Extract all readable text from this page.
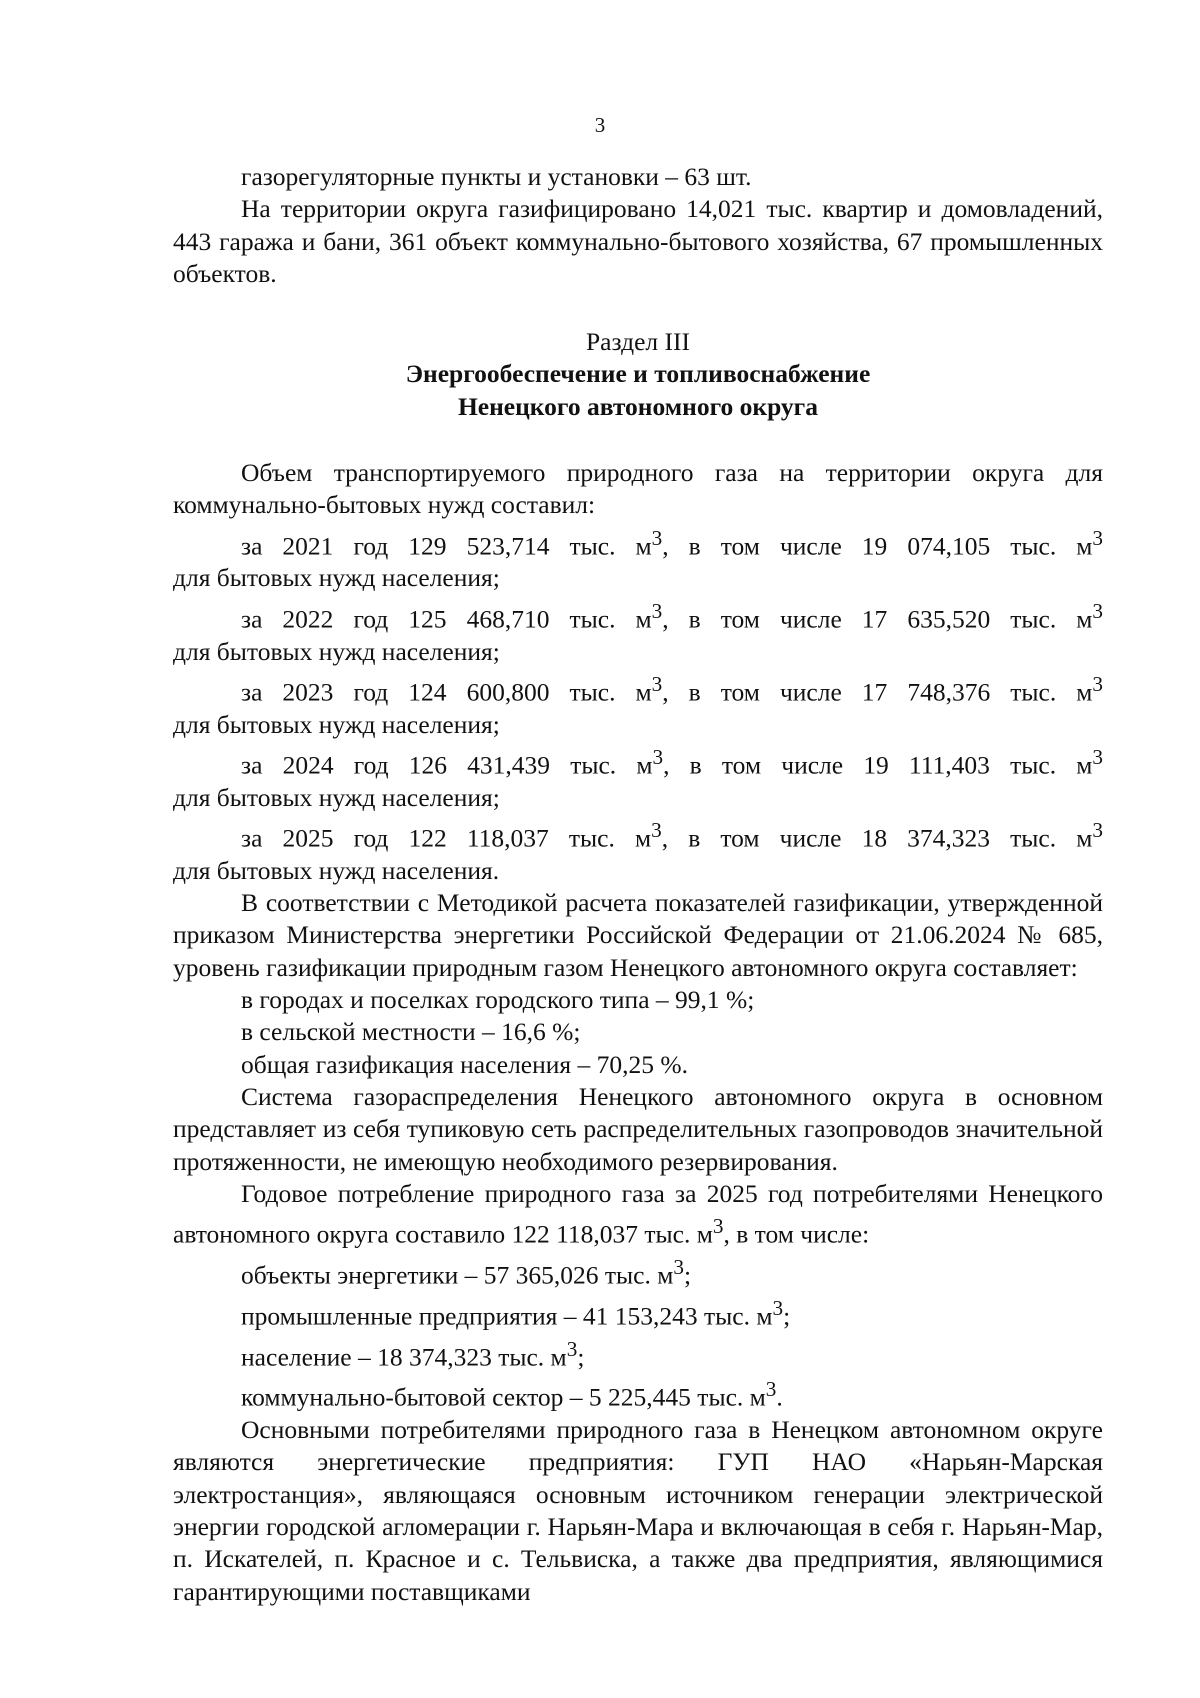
3

газорегуляторные пункты и установки – 63 шт.

На территории округа газифицировано 14,021 тыс. квартир и домовладений, 443 гаража и бани, 361 объект коммунально-бытового хозяйства, 67 промышленных объектов.

Раздел III

Энергообеспечение и топливоснабжение

Ненецкого автономного округа

Объем транспортируемого природного газа на территории округа для коммунально-бытовых нужд составил:

за 2021 год 129 523,714 тыс. $м^3$, в том числе 19 074,105 тыс. $м^3$

для бытовых нужд населения;

за 2022 год 125 468,710 тыс. $м^3$, в том числе 17 635,520 тыс. $м^3$

для бытовых нужд населения;

за 2023 год 124 600,800 тыс. $м^3$, в том числе 17 748,376 тыс. $м^3$

для бытовых нужд населения;

за 2024 год 126 431,439 тыс. $м^3$, в том числе 19 111,403 тыс. $м^3$

для бытовых нужд населения;

за 2025 год 122 118,037 тыс. $м^3$, в том числе 18 374,323 тыс. $м^3$

для бытовых нужд населения.

В соответствии с Методикой расчета показателей газификации, утвержденной приказом Министерства энергетики Российской Федерации от 21.06.2024 № 685, уровень газификации природным газом Ненецкого автономного округа составляет:

в городах и поселках городского типа – 99,1 %;

в сельской местности – 16,6 %;

общая газификация населения – 70,25 %.

Система газораспределения Ненецкого автономного округа в основном представляет из себя тупиковую сеть распределительных газопроводов значительной протяженности, не имеющую необходимого резервирования.

Годовое потребление природного газа за 2025 год потребителями Ненецкого автономного округа составило 122 118,037 тыс. $м^3$, в том числе:

объекты энергетики – 57 365,026 тыс. $м^3$;

промышленные предприятия – 41 153,243 тыс. $м^3$;

население – 18 374,323 тыс. $м^3$;

коммунально-бытовой сектор – 5 225,445 тыс. $м^3$.

Основными потребителями природного газа в Ненецком автономном округе являются энергетические предприятия: ГУП НАО «Нарьян-Марская электростанция», являющаяся основным источником генерации электрической энергии городской агломерации г. Нарьян-Мара и включающая в себя г. Нарьян-Мар, п. Искателей, п. Красное и с. Тельвиска, а также два предприятия, являющимися гарантирующими поставщиками
